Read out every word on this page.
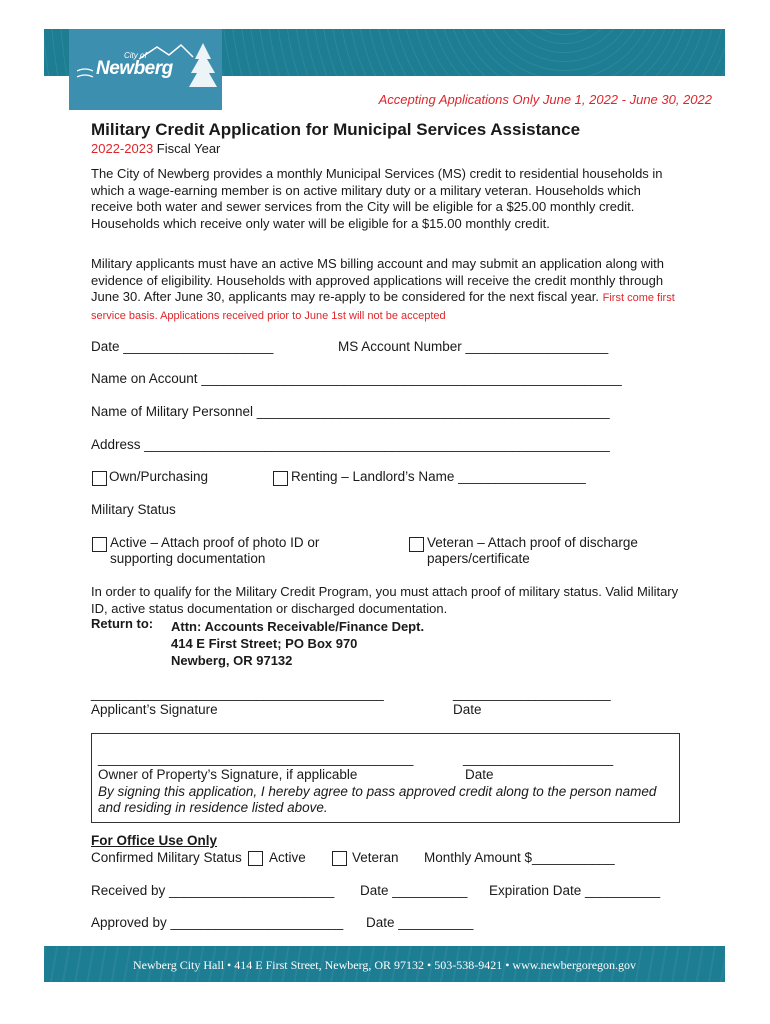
City of
Newberg
Accepting Applications Only June 1, 2022 - June 30, 2022
Military Credit Application for Municipal Services Assistance
2022-2023 Fiscal Year
The City of Newberg provides a monthly Municipal Services (MS) credit to residential households in which a wage-earning member is on active military duty or a military veteran. Households which receive both water and sewer services from the City will be eligible for a $25.00 monthly credit. Households which receive only water will be eligible for a $15.00 monthly credit.
Military applicants must have an active MS billing account and may submit an application along with evidence of eligibility. Households with approved applications will receive the credit monthly through June 30. After June 30, applicants may re-apply to be considered for the next fiscal year. First come first service basis. Applications received prior to June 1st will not be accepted
Date ____________________	MS Account Number ___________________
Name on Account ________________________________________________________
Name of Military Personnel _______________________________________________
Address ______________________________________________________________
Own/Purchasing	Renting – Landlord’s Name _________________
Military Status
Active – Attach proof of photo ID or
supporting documentation
Veteran – Attach proof of discharge
papers/certificate
In order to qualify for the Military Credit Program, you must attach proof of military status. Valid Military ID, active status documentation or discharged documentation.
Return to: Attn: Accounts Receivable/Finance Dept.
414 E First Street; PO Box 970
Newberg, OR 97132
_______________________________________	_____________________
Applicant’s Signature	Date
__________________________________________	____________________
Owner of Property’s Signature, if applicable	Date
By signing this application, I hereby agree to pass approved credit along to the person named
and residing in residence listed above.
For Office Use Only
Confirmed Military Status Active	Veteran Monthly Amount $___________
Received by ______________________ Date __________ Expiration Date __________
Approved by _______________________ Date __________
Newberg City Hall • 414 E First Street, Newberg, OR 97132 • 503-538-9421 • www.newbergoregon.gov
